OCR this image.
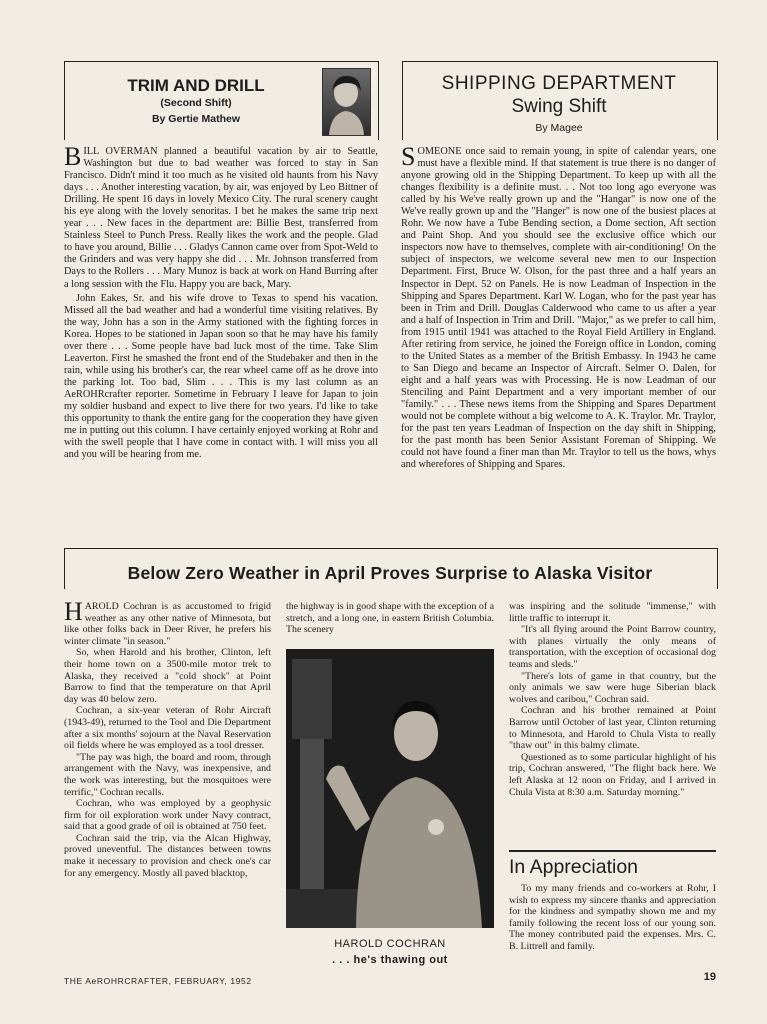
TRIM AND DRILL
(Second Shift)
By Gertie Mathew

BILL OVERMAN planned a beautiful vacation by air to Seattle, Washington but due to bad weather was forced to stay in San Francisco. Didn't mind it too much as he visited old haunts from his Navy days . . . Another interesting vacation, by air, was enjoyed by Leo Bittner of Drilling. He spent 16 days in lovely Mexico City. The rural scenery caught his eye along with the lovely senoritas. I bet he makes the same trip next year . . . New faces in the department are: Billie Best, transferred from Stainless Steel to Punch Press. Really likes the work and the people. Glad to have you around, Billie . . . Gladys Cannon came over from Spot-Weld to the Grinders and was very happy she did . . . Mr. Johnson transferred from Days to the Rollers . . . Mary Munoz is back at work on Hand Burring after a long session with the Flu. Happy you are back, Mary.

John Eakes, Sr. and his wife drove to Texas to spend his vacation. Missed all the bad weather and had a wonderful time visiting relatives. By the way, John has a son in the Army stationed with the fighting forces in Korea. Hopes to be stationed in Japan soon so that he may have his family over there . . . Some people have bad luck most of the time. Take Slim Leaverton. First he smashed the front end of the Studebaker and then in the rain, while using his brother's car, the rear wheel came off as he drove into the parking lot. Too bad, Slim . . . This is my last column as an AeROHRcrafter reporter. Sometime in February I leave for Japan to join my soldier husband and expect to live there for two years. I'd like to take this opportunity to thank the entire gang for the cooperation they have given me in putting out this column. I have certainly enjoyed working at Rohr and with the swell people that I have come in contact with. I will miss you all and you will be hearing from me.

SHIPPING DEPARTMENT
Swing Shift
By Magee

SOMEONE once said to remain young, in spite of calendar years, one must have a flexible mind. If that statement is true there is no danger of anyone growing old in the Shipping Department. To keep up with all the changes flexibility is a definite must. . . Not too long ago everyone was called by his We've really grown up and the "Hangar" is now one of the We've really grown up and the "Hanger" is now one of the busiest places at Rohr. We now have a Tube Bending section, a Dome section, Aft section and Paint Shop. And you should see the exclusive office which our inspectors now have to themselves, complete with air-conditioning! On the subject of inspectors, we welcome several new men to our Inspection Department. First, Bruce W. Olson, for the past three and a half years an Inspector in Dept. 52 on Panels. He is now Leadman of Inspection in the Shipping and Spares Department. Karl W. Logan, who for the past year has been in Trim and Drill. Douglas Calderwood who came to us after a year and a half of Inspection in Trim and Drill. "Major," as we prefer to call him, from 1915 until 1941 was attached to the Royal Field Artillery in England. After retiring from service, he joined the Foreign office in London, coming to the United States as a member of the British Embassy. In 1943 he came to San Diego and became an Inspector of Aircraft. Selmer O. Dalen, for eight and a half years was with Processing. He is now Leadman of our Stenciling and Paint Department and a very important member of our "family." . . . These news items from the Shipping and Spares Department would not be complete without a big welcome to A. K. Traylor. Mr. Traylor, for the past ten years Leadman of Inspection on the day shift in Shipping, for the past month has been Senior Assistant Foreman of Shipping. We could not have found a finer man than Mr. Traylor to tell us the hows, whys and wherefores of Shipping and Spares.

Below Zero Weather in April Proves Surprise to Alaska Visitor

HAROLD Cochran is as accustomed to frigid weather as any other native of Minnesota, but like other folks back in Deer River, he prefers his winter climate "in season."

So, when Harold and his brother, Clinton, left their home town on a 3500-mile motor trek to Alaska, they received a "cold shock" at Point Barrow to find that the temperature on that April day was 40 below zero.

Cochran, a six-year veteran of Rohr Aircraft (1943-49), returned to the Tool and Die Department after a six months' sojourn at the Naval Reservation oil fields where he was employed as a tool dresser.

"The pay was high, the board and room, through arrangement with the Navy, was inexpensive, and the work was interesting, but the mosquitoes were terrific," Cochran recalls.

Cochran, who was employed by a geophysic firm for oil exploration work under Navy contract, said that a good grade of oil is obtained at 750 feet.

Cochran said the trip, via the Alcan Highway, proved uneventful. The distances between towns make it necessary to provision and check one's car for any emergency. Mostly all paved blacktop,

the highway is in good shape with the exception of a stretch, and a long one, in eastern British Columbia. The scenery
HAROLD COCHRAN
. . . he's thawing out

was inspiring and the solitude "immense," with little traffic to interrupt it.

"It's all flying around the Point Barrow country, with planes virtually the only means of transportation, with the exception of occasional dog teams and sleds."

"There's lots of game in that country, but the only animals we saw were huge Siberian black wolves and caribou," Cochran said.

Cochran and his brother remained at Point Barrow until October of last year, Clinton returning to Minnesota, and Harold to Chula Vista to really "thaw out" in this balmy climate.

Questioned as to some particular highlight of his trip, Cochran answered, "The flight back here. We left Alaska at 12 noon on Friday, and I arrived in Chula Vista at 8:30 a.m. Saturday morning."

In Appreciation

To my many friends and co-workers at Rohr, I wish to express my sincere thanks and appreciation for the kindness and sympathy shown me and my family following the recent loss of our young son. The money contributed paid the expenses. Mrs. C. B. Littrell and family.

THE AeROHRCRAFTER, FEBRUARY, 1952	19
